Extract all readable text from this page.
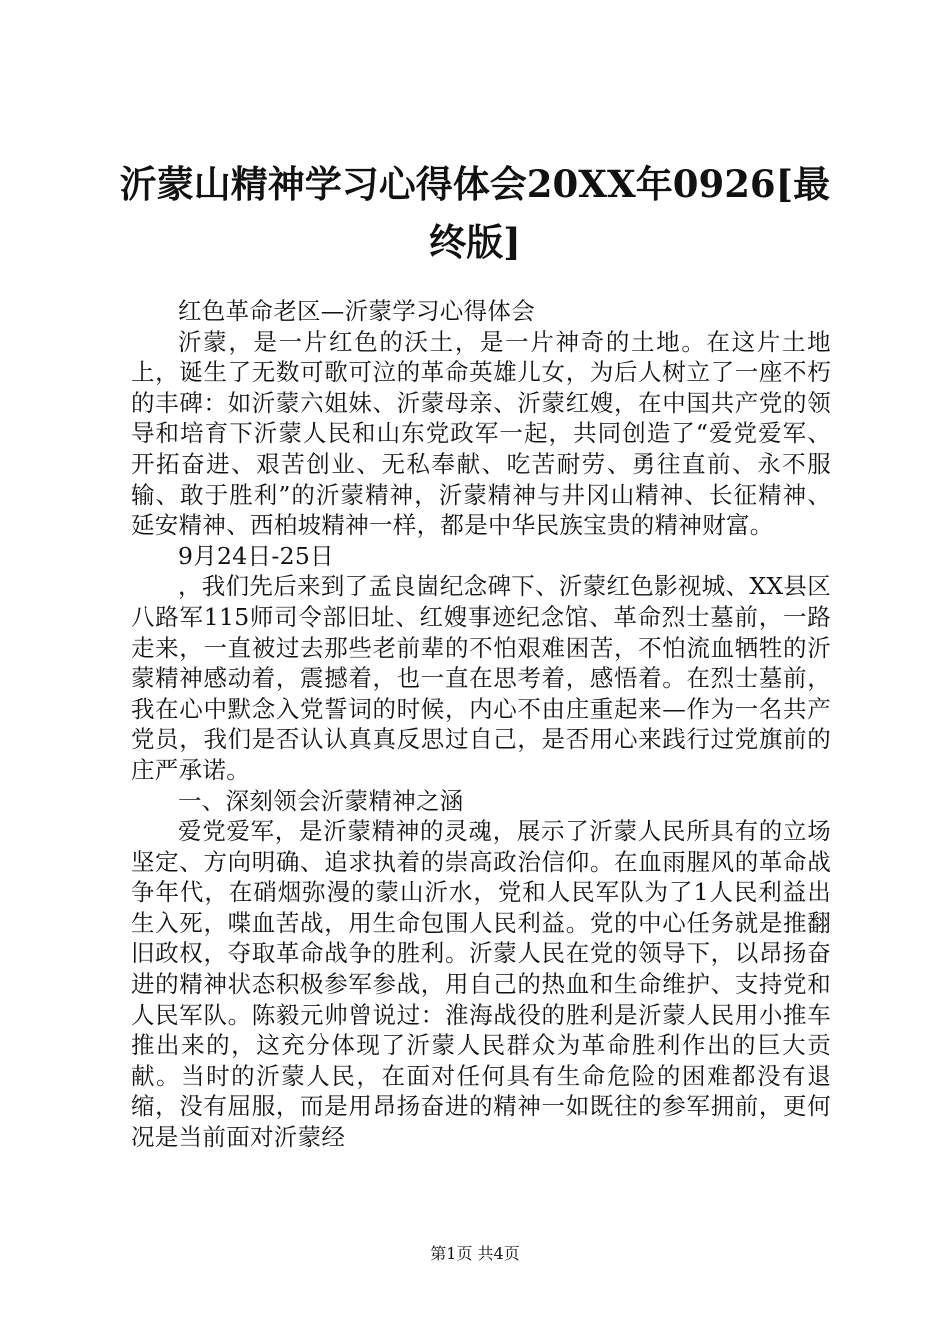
沂蒙山精神学习心得体会20XX年0926[最终版]

红色革命老区—沂蒙学习心得体会

沂蒙，是一片红色的沃土，是一片神奇的土地。在这片土地上，诞生了无数可歌可泣的革命英雄儿女，为后人树立了一座不朽的丰碑：如沂蒙六姐妹、沂蒙母亲、沂蒙红嫂，在中国共产党的领导和培育下沂蒙人民和山东党政军一起，共同创造了“爱党爱军、开拓奋进、艰苦创业、无私奉献、吃苦耐劳、勇往直前、永不服输、敢于胜利”的沂蒙精神，沂蒙精神与井冈山精神、长征精神、延安精神、西柏坡精神一样，都是中华民族宝贵的精神财富。

9月24日-25日

，我们先后来到了孟良崮纪念碑下、沂蒙红色影视城、XX县区八路军115师司令部旧址、红嫂事迹纪念馆、革命烈士墓前，一路走来，一直被过去那些老前辈的不怕艰难困苦，不怕流血牺牲的沂蒙精神感动着，震撼着，也一直在思考着，感悟着。在烈士墓前，我在心中默念入党誓词的时候，内心不由庄重起来—作为一名共产党员，我们是否认认真真反思过自己，是否用心来践行过党旗前的庄严承诺。

一、深刻领会沂蒙精神之涵

爱党爱军，是沂蒙精神的灵魂，展示了沂蒙人民所具有的立场坚定、方向明确、追求执着的崇高政治信仰。在血雨腥风的革命战争年代，在硝烟弥漫的蒙山沂水，党和人民军队为了1人民利益出生入死，喋血苦战，用生命包围人民利益。党的中心任务就是推翻旧政权，夺取革命战争的胜利。沂蒙人民在党的领导下，以昂扬奋进的精神状态积极参军参战，用自己的热血和生命维护、支持党和人民军队。陈毅元帅曾说过：淮海战役的胜利是沂蒙人民用小推车推出来的，这充分体现了沂蒙人民群众为革命胜利作出的巨大贡献。当时的沂蒙人民，在面对任何具有生命危险的困难都没有退缩，没有屈服，而是用昂扬奋进的精神一如既往的参军拥前，更何况是当前面对沂蒙经

第1页 共4页
